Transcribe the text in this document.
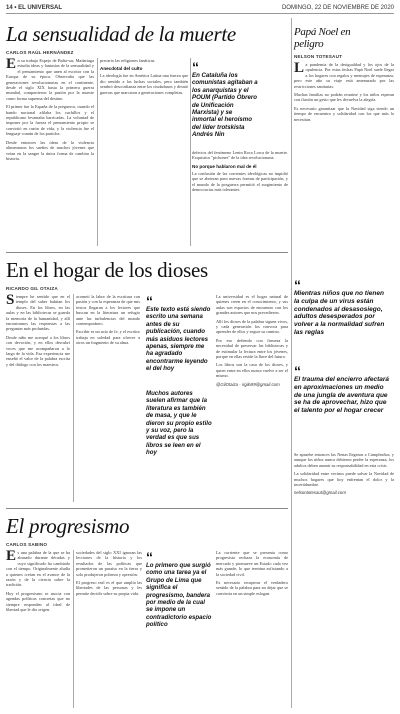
14 • EL UNIVERSAL	DOMINGO, 22 DE NOVIEMBRE DE 2020
La sensualidad de la muerte
CARLOS RAÚL HERNÁNDEZ

En su trabajo Espejo de Balta-sar, Madariaga estudia ideas y fantasías de la sensualidad y el pensamiento que unen al escritor con la Europa de su época. Observaba que las generaciones revolucionarias en el continente, desde el siglo XIX hasta la primera guerra mundial, compartieron la pasión por la muerte como forma suprema del destino.

El primer fue la España de la preguerra, cuando el bando nacional afilaba los cuchillos y el republicano levantaba barricadas. La voluntad de imponer por la fuerza el pensamiento propio se convirtió en razón de vida, y la violencia fue el lenguaje común de los partidos.

Desde entonces las ideas de la violencia alimentaron los sueños de muchos jóvenes que veían en la sangre la única forma de cambiar la historia.

precario las religiones fanáticas.

Anecdotal del culto

La ideología fue en América Latina una fuerza que dio sentido a las luchas sociales, pero también sembró desconfianza entre los ciudadanos y desató guerras que marcaron a generaciones completas.

“
En Cataluña los comunistas agitaban a los anarquistas y el POUM (Partido Obrero de Unificación Marxista) y se inmortal el heroísmo del líder trotskista Andrés Nin

defectos del fenómeno Lenin Roca Lorca de la muerte. Exquisitos "pichones" de la idea revolucionaria.

No porque hablaron mal de él

La confusión de las corrientes ideológicas no impidió que se abrieran paso nuevas formas de participación, y el mundo de la posguerra permitió el surgimiento de democracias más tolerantes.

En el hogar de los dioses
RICARDO GIL OTAIZA

Siempre he sentido que en el templo del saber habitan los dioses. En los libros, en las aulas y en las bibliotecas se guarda la memoria de la humanidad, y allí encontramos las respuestas a las preguntas más profundas.

Desde niño me acerqué a los libros con devoción, y en ellos descubrí voces que me acompañaron a lo largo de la vida. Esa experiencia me enseñó el valor de la palabra escrita y del diálogo con los maestros.

acometí la labor de la escritura con pasión y con la esperanza de que mis textos llegaran a los lectores que buscan en la literatura un refugio ante las turbulencias del mundo contemporáneo.

Escribir es un acto de fe, y el escritor trabaja en soledad para ofrecer a otros un fragmento de su alma.

“
Este texto está siendo escrito una semana antes de su publicación, cuando más asiduos lectores apenas, siempre me ha agradado encontrarme leyendo el del hoy
Muchos autores suelen afirmar que la literatura es también de masa, y que le dieron su propio estilo y su voz, pero la verdad es que sus libros se leen en el hoy

La universidad es el hogar natural de quienes creen en el conocimiento, y sus aulas son espacios de encuentro con los grandes autores que nos precedieron.

Allí los dioses de la palabra siguen vivos, y cada generación los convoca para aprender de ellos y seguir su camino.

Por eso defiendo con firmeza la necesidad de preservar las bibliotecas y de estimular la lectura entre los jóvenes, porque en ellas reside la llave del futuro.

Los libros son la casa de los dioses, y quien entra en ellos nunca vuelve a ser el mismo.

@GilOtaiza · rigilo99@gmail.com
El progresismo
CARLOS SABINO

Es una palabra de la que se ha abusado durante décadas y cuyo significado ha cambiado con el tiempo. Originalmente aludía a quienes creían en el avance de la razón y de la ciencia sobre la tradición.

Hoy el progresismo se asocia con agendas políticas concretas que no siempre responden al ideal de libertad que le dio origen.

sociedades del siglo XXI ignoran las lecciones de la historia y los resultados de las políticas que prometieron un paraíso en la tierra y solo produjeron pobreza y opresión.

El progreso real es el que amplía las libertades de las personas y les permite decidir sobre su propia vida.

“
Lo primero que surgió como una tarea ya el Grupo de Lima que significa el progresismo, bandera por medio de la cual se impone un contradictorio espacio político

La corriente que se presenta como progresista rechaza la economía de mercado y promueve un Estado cada vez más grande, lo que termina asfixiando a la sociedad civil.

Es necesario recuperar el verdadero sentido de la palabra para no dejar que se convierta en un simple eslogan.

Papá Noel en peligro
NELSON TOTESAUT

La pandemia de la desigualdad y los ojos de la opulencia. Por estas fechas Papá Noel suele llegar a los hogares con regalos y mensajes de esperanza, pero este año su viaje está amenazado por las restricciones sanitarias.

Muchas familias no podrán reunirse y los niños esperan con ilusión un gesto que les devuelva la alegría.

Es necesario garantizar que la Navidad siga siendo un tiempo de encuentro y solidaridad con los que más lo necesitan.

“
Mientras niños que no tienen la culpa de un virus están condenados al desasosiego, adultos desesperados por volver a la normalidad sufren las reglas
“
El trauma del encierro afectará en aproximaciones un medio de una jungla de aventura que se ha de aprovechar, hizo que el talento por el hogar crecer

Se apruebe entonces las Nenas llegaron a Cumpleaños, y aunque los niños nunca debieron perder la esperanza, los adultos deben asumir su responsabilidad en esta crisis.

La solidaridad entre vecinos puede salvar la Navidad de muchos hogares que hoy enfrentan el dolor y la incertidumbre.

nelsontotesaut@gmail.com
